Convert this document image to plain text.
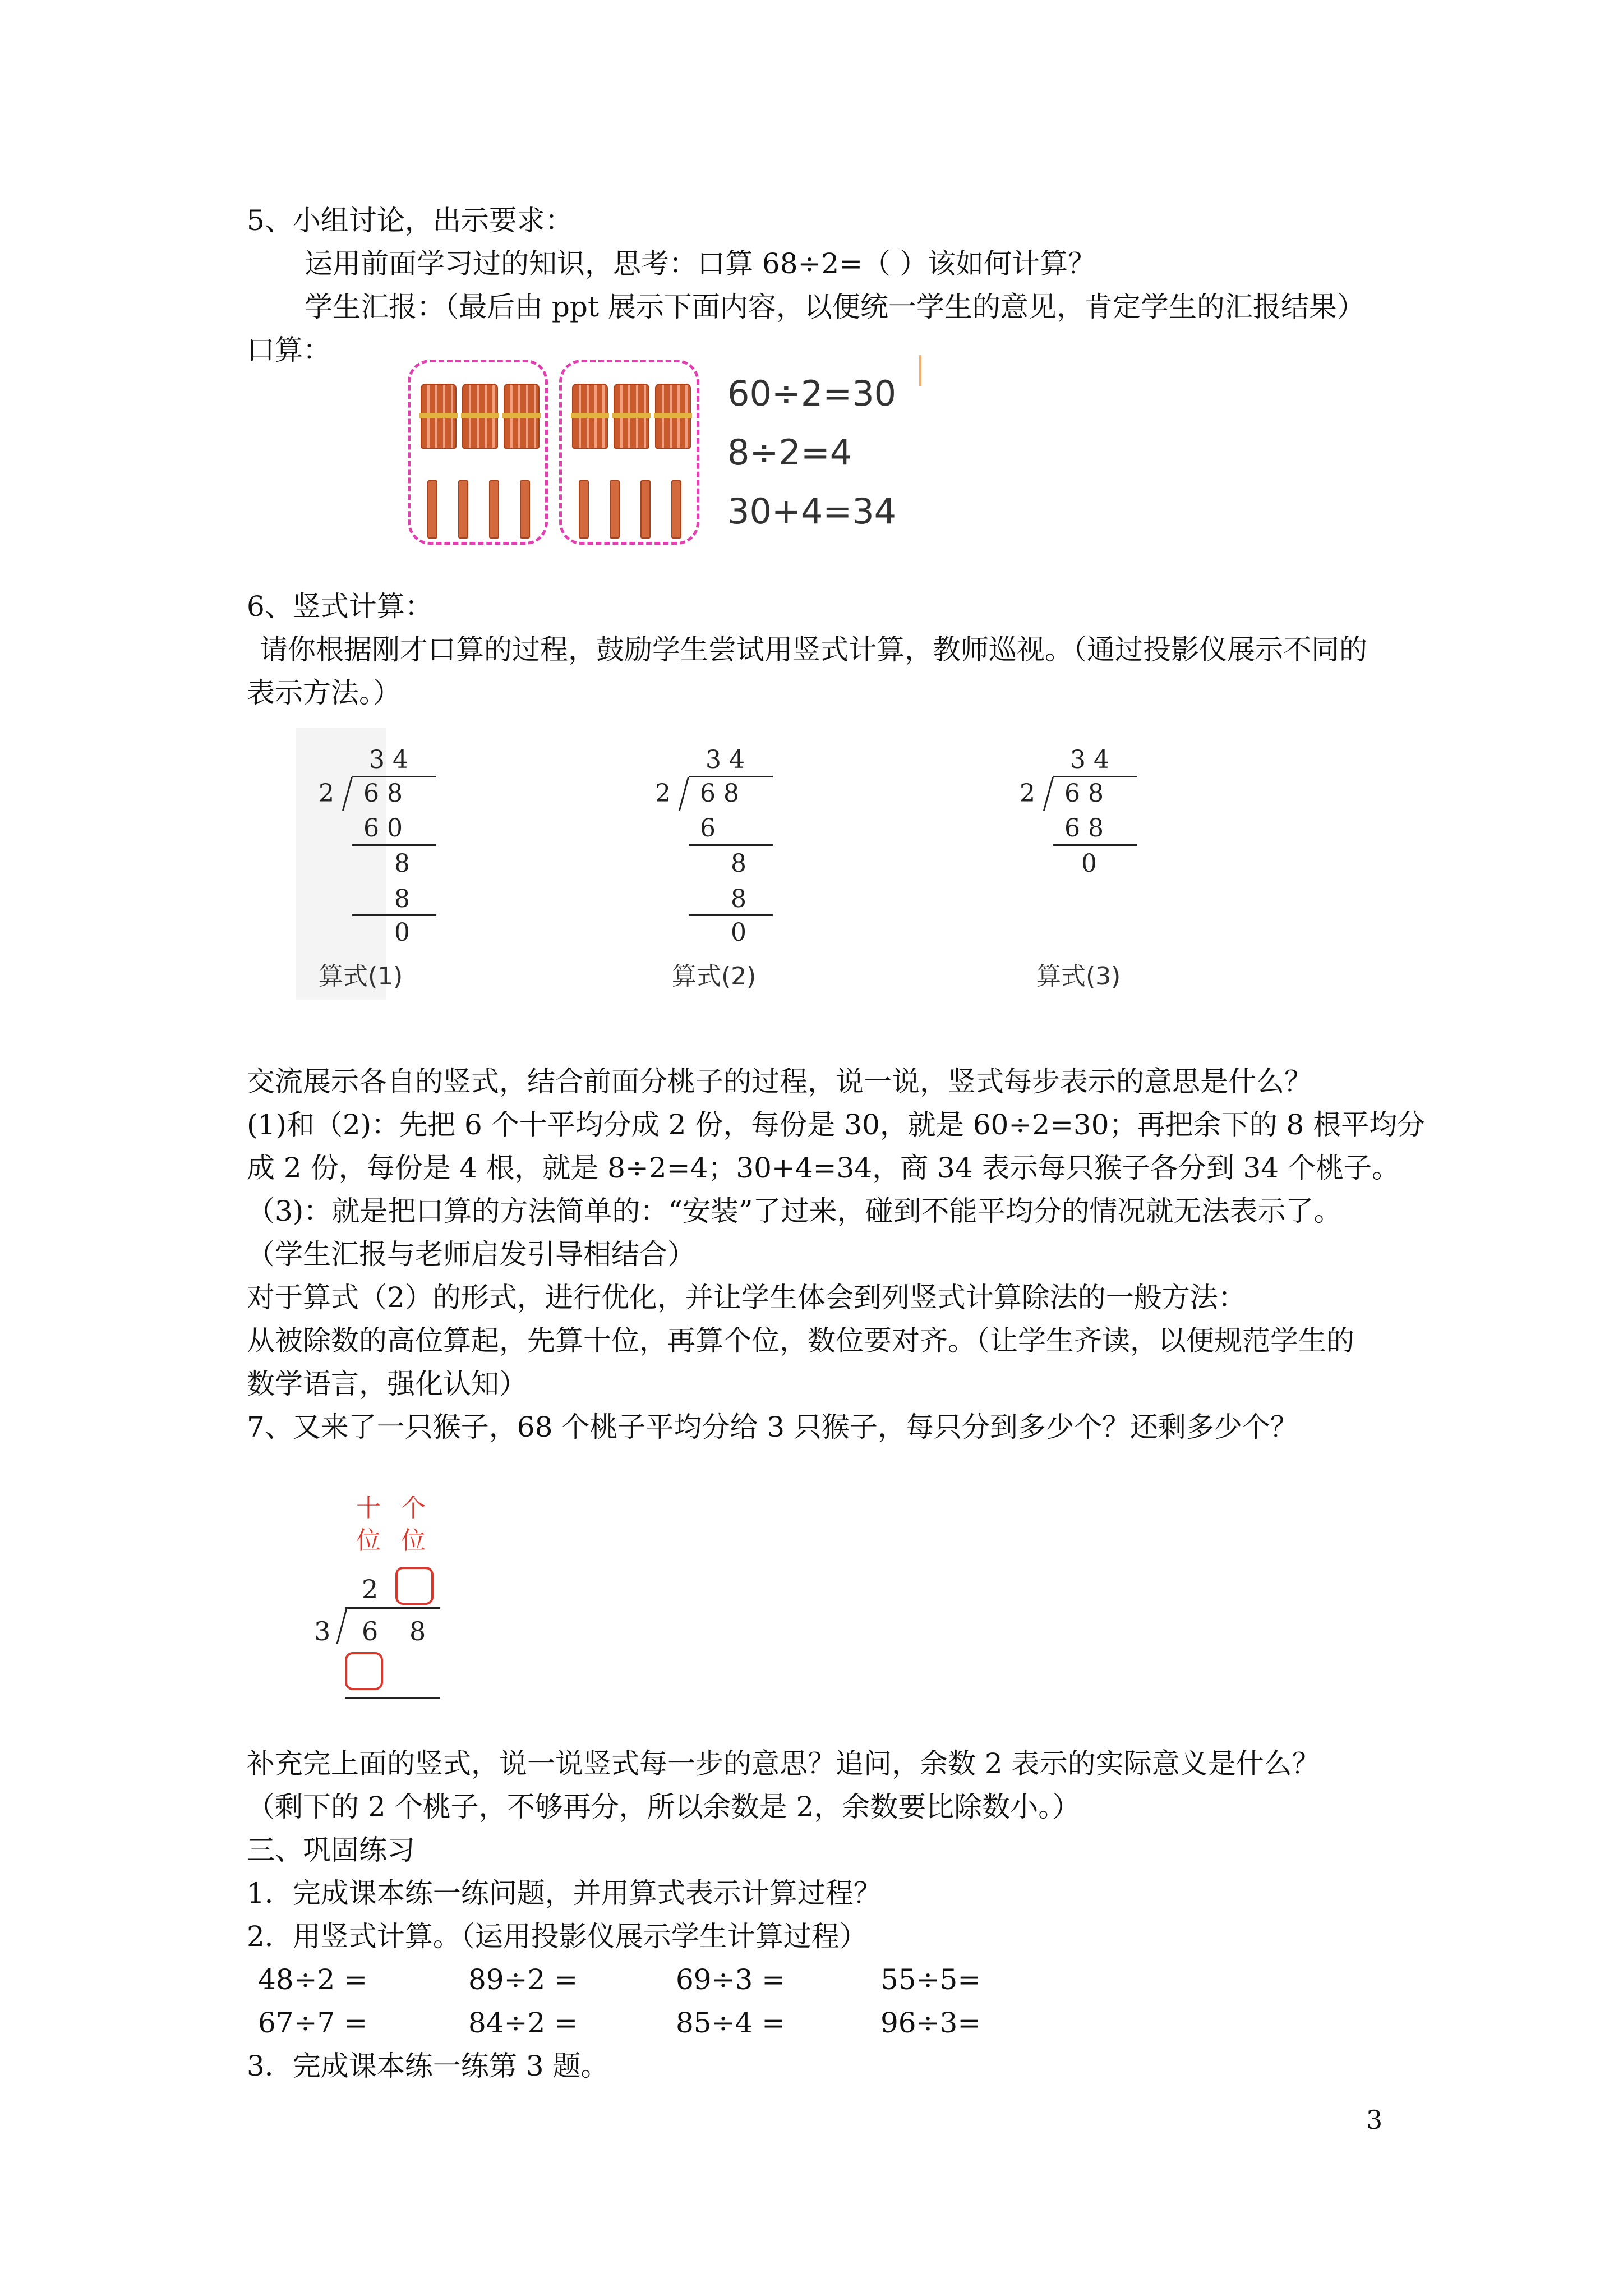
5、小组讨论，出示要求：
运用前面学习过的知识，思考：口算 68÷2=（ ）该如何计算？
学生汇报：（最后由 ppt 展示下面内容，以便统一学生的意见，肯定学生的汇报结果）
口算：
60÷2=30
8÷2=4
30+4=34
6、竖式计算：
请你根据刚才口算的过程，鼓励学生尝试用竖式计算，教师巡视。（通过投影仪展示不同的
表示方法。）
3 4
2 6 8
6 0
8
8
0
算式(1)
3 4
2 6 8
6
8
8
0
算式(2)
3 4
2 6 8
6 8
0
算式(3)
交流展示各自的竖式，结合前面分桃子的过程，说一说，竖式每步表示的意思是什么？
(1)和（2)：先把 6 个十平均分成 2 份，每份是 30，就是 60÷2=30；再把余下的 8 根平均分
成 2 份，每份是 4 根，就是 8÷2=4；30+4=34，商 34 表示每只猴子各分到 34 个桃子。
（3)：就是把口算的方法简单的：“安装”了过来，碰到不能平均分的情况就无法表示了。
（学生汇报与老师启发引导相结合）
对于算式（2）的形式，进行优化，并让学生体会到列竖式计算除法的一般方法：
从被除数的高位算起，先算十位，再算个位，数位要对齐。（让学生齐读，以便规范学生的
数学语言，强化认知）
7、又来了一只猴子，68 个桃子平均分给 3 只猴子，每只分到多少个？还剩多少个？
十
位
个
位
2
3 6 8
补充完上面的竖式，说一说竖式每一步的意思？追问，余数 2 表示的实际意义是什么？
（剩下的 2 个桃子，不够再分，所以余数是 2，余数要比除数小。）
三、巩固练习
1．完成课本练一练问题，并用算式表示计算过程？
2．用竖式计算。（运用投影仪展示学生计算过程）
48÷2 =	89÷2 =	69÷3 =	55÷5=
67÷7 =	84÷2 =	85÷4 =	96÷3=
3．完成课本练一练第 3 题。
3
